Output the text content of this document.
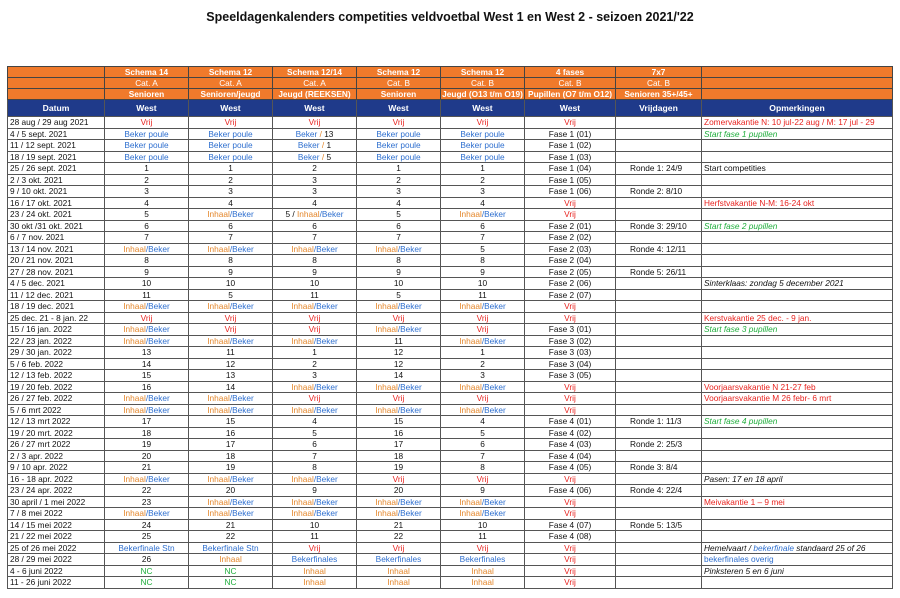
Speeldagenkalenders competities veldvoetbal West 1 en West 2 - seizoen 2021/'22
	Schema 14	Schema 12	Schema 12/14	Schema 12	Schema 12	4 fases	7x7	
	Cat. A	Cat. A	Cat. A	Cat. B	Cat. B	Cat. B	Cat. B	
	Senioren	Senioren/jeugd	Jeugd (REEKSEN)	Senioren	Jeugd (O13 t/m O19)	Pupillen (O7 t/m O12)	Senioren 35+/45+	
Datum	West	West	West	West	West	West	Vrijdagen	Opmerkingen
28 aug / 29 aug 2021	Vrij	Vrij	Vrij	Vrij	Vrij	Vrij		Zomervakantie N: 10 jul-22 aug / M: 17 jul - 29
4 / 5 sept. 2021	Beker poule	Beker poule	Beker / 13	Beker poule	Beker poule	Fase 1 (01)		Start fase 1 pupillen
11 / 12 sept. 2021	Beker poule	Beker poule	Beker / 1	Beker poule	Beker poule	Fase 1 (02)		
18 / 19 sept. 2021	Beker poule	Beker poule	Beker / 5	Beker poule	Beker poule	Fase 1 (03)		
25 / 26 sept. 2021	1	1	2	1	1	Fase 1 (04)	Ronde 1: 24/9	Start competities
2 / 3 okt. 2021	2	2	3	2	2	Fase 1 (05)		
9 / 10 okt. 2021	3	3	3	3	3	Fase 1 (06)	Ronde 2: 8/10	
16 / 17 okt. 2021	4	4	4	4	4	Vrij		Herfstvakantie N-M: 16-24 okt
23 / 24 okt. 2021	5	Inhaal/Beker	5 / Inhaal/Beker	5	Inhaal/Beker	Vrij		
30 okt /31 okt. 2021	6	6	6	6	6	Fase 2 (01)	Ronde 3: 29/10	Start fase 2 pupillen
6 / 7 nov. 2021	7	7	7	7	7	Fase 2 (02)		
13 / 14 nov. 2021	Inhaal/Beker	Inhaal/Beker	Inhaal/Beker	Inhaal/Beker	5	Fase 2 (03)	Ronde 4: 12/11	
20 / 21 nov. 2021	8	8	8	8	8	Fase 2 (04)		
27 / 28 nov. 2021	9	9	9	9	9	Fase 2 (05)	Ronde 5: 26/11	
4 / 5 dec. 2021	10	10	10	10	10	Fase 2 (06)		Sinterklaas: zondag 5 december 2021
11 / 12 dec. 2021	11	5	11	5	11	Fase 2 (07)		
18 / 19 dec. 2021	Inhaal/Beker	Inhaal/Beker	Inhaal/Beker	Inhaal/Beker	Inhaal/Beker	Vrij		
25 dec. 21 - 8 jan. 22	Vrij	Vrij	Vrij	Vrij	Vrij	Vrij		Kerstvakantie 25 dec. - 9 jan.
15 / 16 jan. 2022	Inhaal/Beker	Vrij	Vrij	Inhaal/Beker	Vrij	Fase 3 (01)		Start fase 3 pupillen
22 / 23 jan. 2022	Inhaal/Beker	Inhaal/Beker	Inhaal/Beker	11	Inhaal/Beker	Fase 3 (02)		
29 / 30 jan. 2022	13	11	1	12	1	Fase 3 (03)		
5 / 6 feb. 2022	14	12	2	12	2	Fase 3 (04)		
12 / 13 feb. 2022	15	13	3	14	3	Fase 3 (05)		
19 / 20 feb. 2022	16	14	Inhaal/Beker	Inhaal/Beker	Inhaal/Beker	Vrij		Voorjaarsvakantie N 21-27 feb
26 / 27 feb. 2022	Inhaal/Beker	Inhaal/Beker	Vrij	Vrij	Vrij	Vrij		Voorjaarsvakantie M 26 febr- 6 mrt
5 / 6 mrt 2022	Inhaal/Beker	Inhaal/Beker	Inhaal/Beker	Inhaal/Beker	Inhaal/Beker	Vrij		
12 / 13 mrt 2022	17	15	4	15	4	Fase 4 (01)	Ronde 1: 11/3	Start fase 4 pupillen
19 / 20 mrt. 2022	18	16	5	16	5	Fase 4 (02)		
26 / 27 mrt 2022	19	17	6	17	6	Fase 4 (03)	Ronde 2: 25/3	
2 / 3 apr. 2022	20	18	7	18	7	Fase 4 (04)		
9 / 10 apr. 2022	21	19	8	19	8	Fase 4 (05)	Ronde 3: 8/4	
16 - 18 apr. 2022	Inhaal/Beker	Inhaal/Beker	Inhaal/Beker	Vrij	Vrij	Vrij		Pasen: 17 en 18 april
23 / 24 apr. 2022	22	20	9	20	9	Fase 4 (06)	Ronde 4: 22/4	
30 april / 1 mei 2022	23	Inhaal/Beker	Inhaal/Beker	Inhaal/Beker	Inhaal/Beker	Vrij		Meivakantie 1 – 9 mei
7 / 8 mei 2022	Inhaal/Beker	Inhaal/Beker	Inhaal/Beker	Inhaal/Beker	Inhaal/Beker	Vrij		
14 / 15 mei 2022	24	21	10	21	10	Fase 4 (07)	Ronde 5: 13/5	
21 / 22 mei 2022	25	22	11	22	11	Fase 4 (08)		
25 of 26 mei 2022	Bekerfinale Stn	Bekerfinale Stn	Vrij	Vrij	Vrij	Vrij		Hemelvaart / bekerfinale standaard 25 of 26
28 / 29 mei 2022	26	Inhaal	Bekerfinales	Bekerfinales	Bekerfinales	Vrij		bekerfinales overig
4 - 6 juni 2022	NC	NC	Inhaal	Inhaal	Inhaal	Vrij		Pinksteren 5 en 6 juni
11 - 26 juni 2022	NC	NC	Inhaal	Inhaal	Inhaal	Vrij		
